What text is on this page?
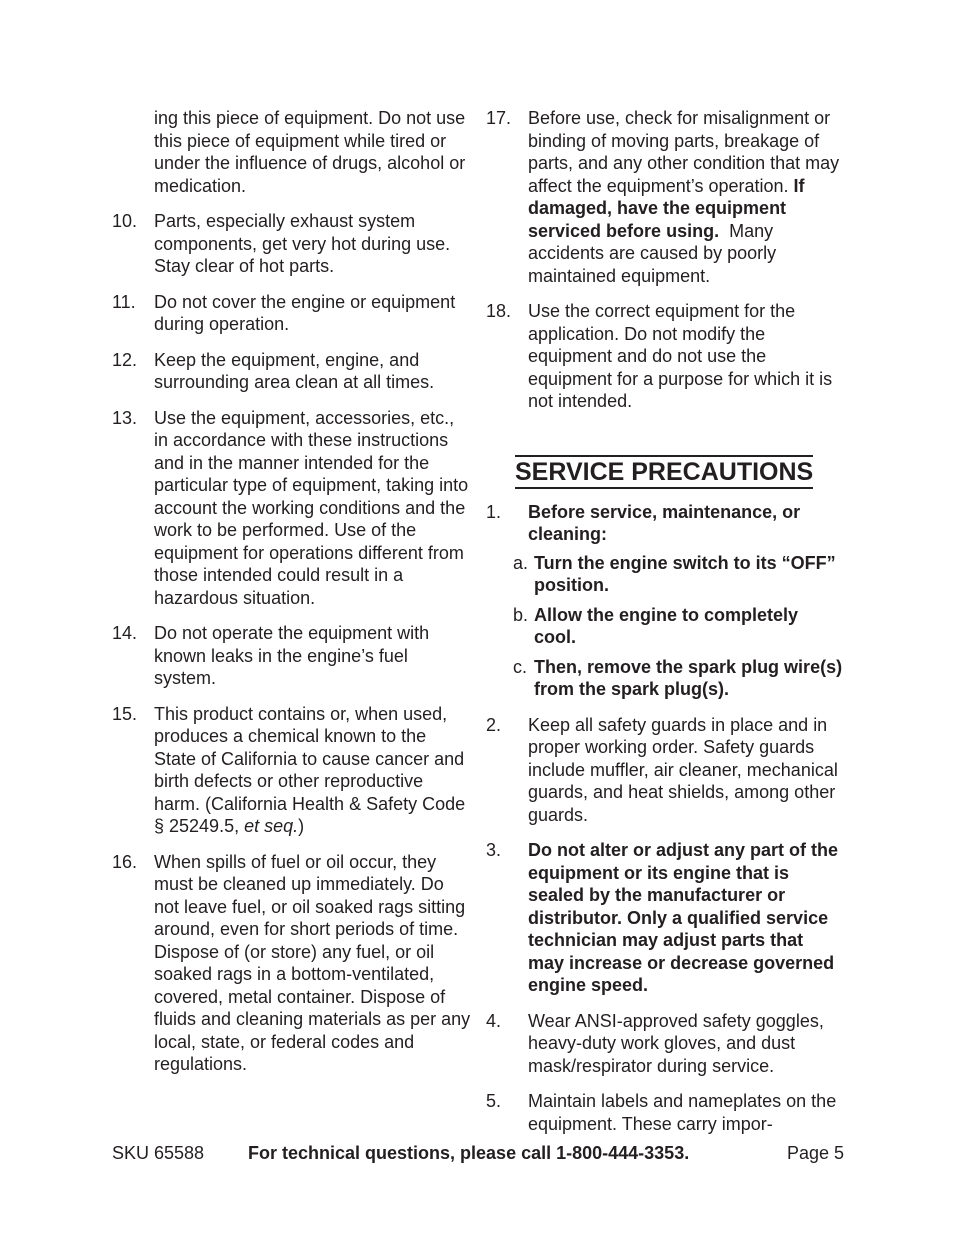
ing this piece of equipment. Do not use this piece of equipment while tired or under the influence of drugs, alcohol or medication.
10. Parts, especially exhaust system components, get very hot during use. Stay clear of hot parts.
11.	Do not cover the engine or equipment during operation.
12. Keep the equipment, engine, and surrounding area clean at all times.
13. Use the equipment, accessories, etc., in accordance with these instructions and in the manner intended for the particular type of equipment, taking into account the working conditions and the work to be performed. Use of the equipment for operations different from those intended could result in a hazardous situation.
14. Do not operate the equipment with known leaks in the engine’s fuel system.
15. This product contains or, when used, produces a chemical known to the State of California to cause cancer and birth defects or other reproductive harm. (California Health & Safety Code § 25249.5, et seq.)
16. When spills of fuel or oil occur, they must be cleaned up immediately. Do not leave fuel, or oil soaked rags sitting around, even for short periods of time. Dispose of (or store) any fuel, or oil soaked rags in a bottom-ventilated, covered, metal container. Dispose of fluids and cleaning materials as per any local, state, or federal codes and regulations.
17. Before use, check for misalignment or binding of moving parts, breakage of parts, and any other condition that may affect the equipment’s operation. If damaged, have the equipment serviced before using. Many accidents are caused by poorly maintained equipment.
18. Use the correct equipment for the application. Do not modify the equipment and do not use the equipment for a purpose for which it is not intended.
SERVICE PRECAUTIONS
1.	Before service, maintenance, or cleaning:
a. Turn the engine switch to its “OFF” position.
b. Allow the engine to completely cool.
c. Then, remove the spark plug wire(s) from the spark plug(s).
2.	Keep all safety guards in place and in proper working order. Safety guards include muffler, air cleaner, mechanical guards, and heat shields, among other guards.
3.	Do not alter or adjust any part of the equipment or its engine that is sealed by the manufacturer or distributor. Only a qualified service technician may adjust parts that may increase or decrease governed engine speed.
4.	Wear ANSI-approved safety goggles, heavy-duty work gloves, and dust mask/respirator during service.
5.	Maintain labels and nameplates on the equipment. These carry impor-
SKU 65588 For technical questions, please call 1-800-444-3353.	Page 5
